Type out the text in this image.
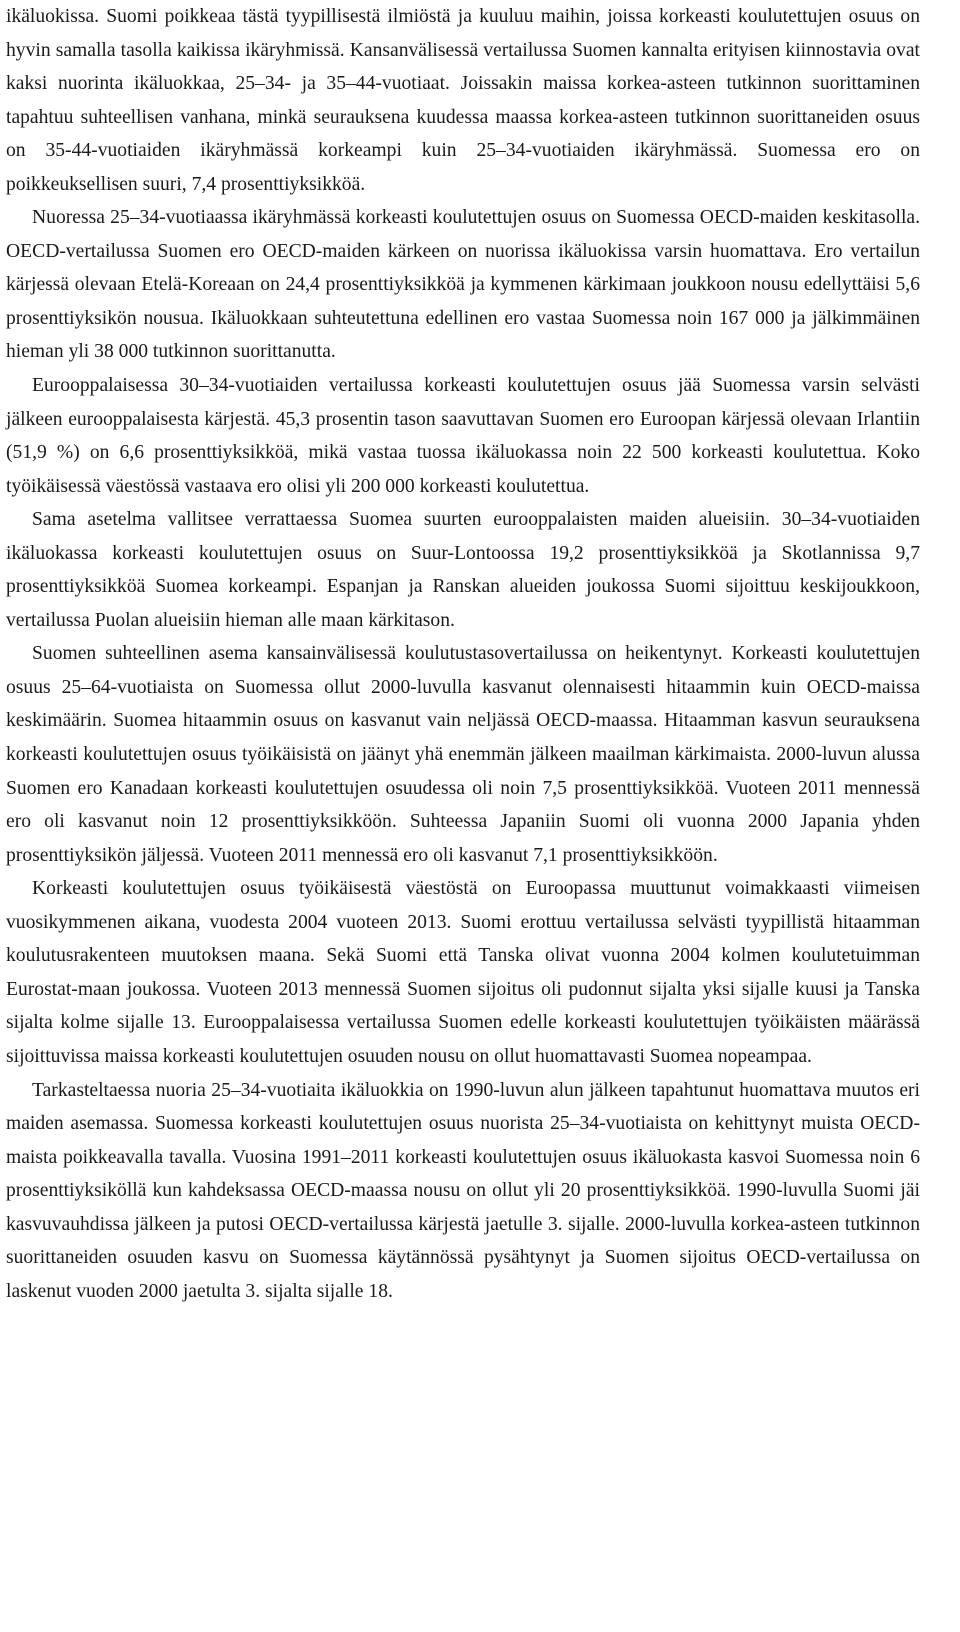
ikäluokissa. Suomi poikkeaa tästä tyypillisestä ilmiöstä ja kuuluu maihin, joissa korkeasti koulutettujen osuus on hyvin samalla tasolla kaikissa ikäryhmissä. Kansanvälisessä vertailussa Suomen kannalta erityisen kiinnostavia ovat kaksi nuorinta ikäluokkaa, 25–34- ja 35–44-vuotiaat. Joissakin maissa korkea-asteen tutkinnon suorittaminen tapahtuu suhteellisen vanhana, minkä seurauksena kuudessa maassa korkea-asteen tutkinnon suorittaneiden osuus on 35-44-vuotiaiden ikäryhmässä korkeampi kuin 25–34-vuotiaiden ikäryhmässä. Suomessa ero on poikkeuksellisen suuri, 7,4 prosenttiyksikköä.

Nuoressa 25–34-vuotiaassa ikäryhmässä korkeasti koulutettujen osuus on Suomessa OECD-maiden keskitasolla. OECD-vertailussa Suomen ero OECD-maiden kärkeen on nuorissa ikäluokissa varsin huomattava. Ero vertailun kärjessä olevaan Etelä-Koreaan on 24,4 prosenttiyksikköä ja kymmenen kärkimaan joukkoon nousu edellyttäisi 5,6 prosenttiyksikön nousua. Ikäluokkaan suhteutettuna edellinen ero vastaa Suomessa noin 167 000 ja jälkimmäinen hieman yli 38 000 tutkinnon suorittanutta.

Eurooppalaisessa 30–34-vuotiaiden vertailussa korkeasti koulutettujen osuus jää Suomessa varsin selvästi jälkeen eurooppalaisesta kärjestä. 45,3 prosentin tason saavuttavan Suomen ero Euroopan kärjessä olevaan Irlantiin (51,9 %) on 6,6 prosenttiyksikköä, mikä vastaa tuossa ikäluokassa noin 22 500 korkeasti koulutettua. Koko työikäisessä väestössä vastaava ero olisi yli 200 000 korkeasti koulutettua.

Sama asetelma vallitsee verrattaessa Suomea suurten eurooppalaisten maiden alueisiin. 30–34-vuotiaiden ikäluokassa korkeasti koulutettujen osuus on Suur-Lontoossa 19,2 prosenttiyksikköä ja Skotlannissa 9,7 prosenttiyksikköä Suomea korkeampi. Espanjan ja Ranskan alueiden joukossa Suomi sijoittuu keskijoukkoon, vertailussa Puolan alueisiin hieman alle maan kärkitason.

Suomen suhteellinen asema kansainvälisessä koulutustasovertailussa on heikentynyt. Korkeasti koulutettujen osuus 25–64-vuotiaista on Suomessa ollut 2000-luvulla kasvanut olennaisesti hitaammin kuin OECD-maissa keskimäärin. Suomea hitaammin osuus on kasvanut vain neljässä OECD-maassa. Hitaamman kasvun seurauksena korkeasti koulutettujen osuus työikäisistä on jäänyt yhä enemmän jälkeen maailman kärkimaista. 2000-luvun alussa Suomen ero Kanadaan korkeasti koulutettujen osuudessa oli noin 7,5 prosenttiyksikköä. Vuoteen 2011 mennessä ero oli kasvanut noin 12 prosenttiyksikköön. Suhteessa Japaniin Suomi oli vuonna 2000 Japania yhden prosenttiyksikön jäljessä. Vuoteen 2011 mennessä ero oli kasvanut 7,1 prosenttiyksikköön.

Korkeasti koulutettujen osuus työikäisestä väestöstä on Euroopassa muuttunut voimakkaasti viimeisen vuosikymmenen aikana, vuodesta 2004 vuoteen 2013. Suomi erottuu vertailussa selvästi tyypillistä hitaamman koulutusrakenteen muutoksen maana. Sekä Suomi että Tanska olivat vuonna 2004 kolmen koulutetuimman Eurostat-maan joukossa. Vuoteen 2013 mennessä Suomen sijoitus oli pudonnut sijalta yksi sijalle kuusi ja Tanska sijalta kolme sijalle 13. Eurooppalaisessa vertailussa Suomen edelle korkeasti koulutettujen työikäisten määrässä sijoittuvissa maissa korkeasti koulutettujen osuuden nousu on ollut huomattavasti Suomea nopeampaa.

Tarkasteltaessa nuoria 25–34-vuotiaita ikäluokkia on 1990-luvun alun jälkeen tapahtunut huomattava muutos eri maiden asemassa. Suomessa korkeasti koulutettujen osuus nuorista 25–34-vuotiaista on kehittynyt muista OECD-maista poikkeavalla tavalla. Vuosina 1991–2011 korkeasti koulutettujen osuus ikäluokasta kasvoi Suomessa noin 6 prosenttiyksiköllä kun kahdeksassa OECD-maassa nousu on ollut yli 20 prosenttiyksikköä. 1990-luvulla Suomi jäi kasvuvauhdissa jälkeen ja putosi OECD-vertailussa kärjestä jaetulle 3. sijalle. 2000-luvulla korkea-asteen tutkinnon suorittaneiden osuuden kasvu on Suomessa käytännössä pysähtynyt ja Suomen sijoitus OECD-vertailussa on laskenut vuoden 2000 jaetulta 3. sijalta sijalle 18.
